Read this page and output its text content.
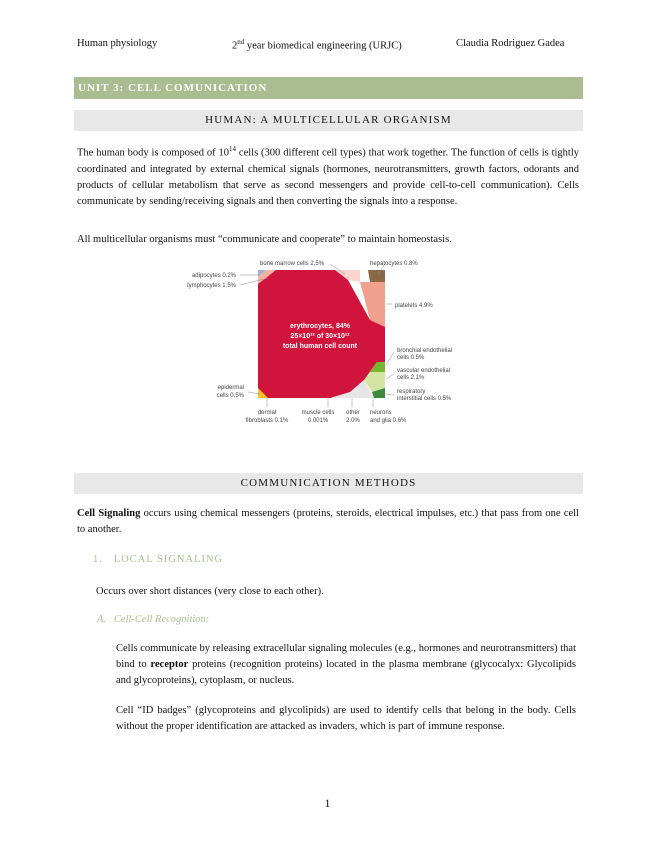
Human physiology	2nd year biomedical engineering (URJC)	Claudia Rodriguez Gadea
UNIT 3: CELL COMUNICATION
HUMAN: A MULTICELLULAR ORGANISM
The human body is composed of $10^{14}$ cells (300 different cell types) that work together. The function of cells is tightly coordinated and integrated by external chemical signals (hormones, neurotransmitters, growth factors, odorants and products of cellular metabolism that serve as second messengers and provide cell-to-cell communication). Cells communicate by sending/receiving signals and then converting the signals into a response.
All multicellular organisms must “communicate and cooperate” to maintain homeostasis.
erythrocytes, 84%
25×10¹² of 30×10¹²
total human cell count
bone marrow cells 2.5%	hepatocytes 0.8%
adipocytes 0.2%
lymphocytes 1.5%
platelets 4.9%
bronchial endothelial
cells 0.5%
vascular endothelial
cells 2.1%
respiratory
interstitial cells 0.5%
epidermal
cells 0.5%
dermal
fibroblasts 0.1%
muscle cells
0.001%
other
2.0%
neurons
and glia 0.6%
COMMUNICATION METHODS
Cell Signaling occurs using chemical messengers (proteins, steroids, electrical impulses, etc.) that pass from one cell to another.
1. LOCAL SIGNALING
Occurs over short distances (very close to each other).
A. Cell-Cell Recognition:
Cells communicate by releasing extracellular signaling molecules (e.g., hormones and neurotransmitters) that bind to receptor proteins (recognition proteins) located in the plasma membrane (glycocalyx: Glycolipids and glycoproteins), cytoplasm, or nucleus.
Cell “ID badges” (glycoproteins and glycolipids) are used to identify cells that belong in the body. Cells without the proper identification are attacked as invaders, which is part of immune response.
1
